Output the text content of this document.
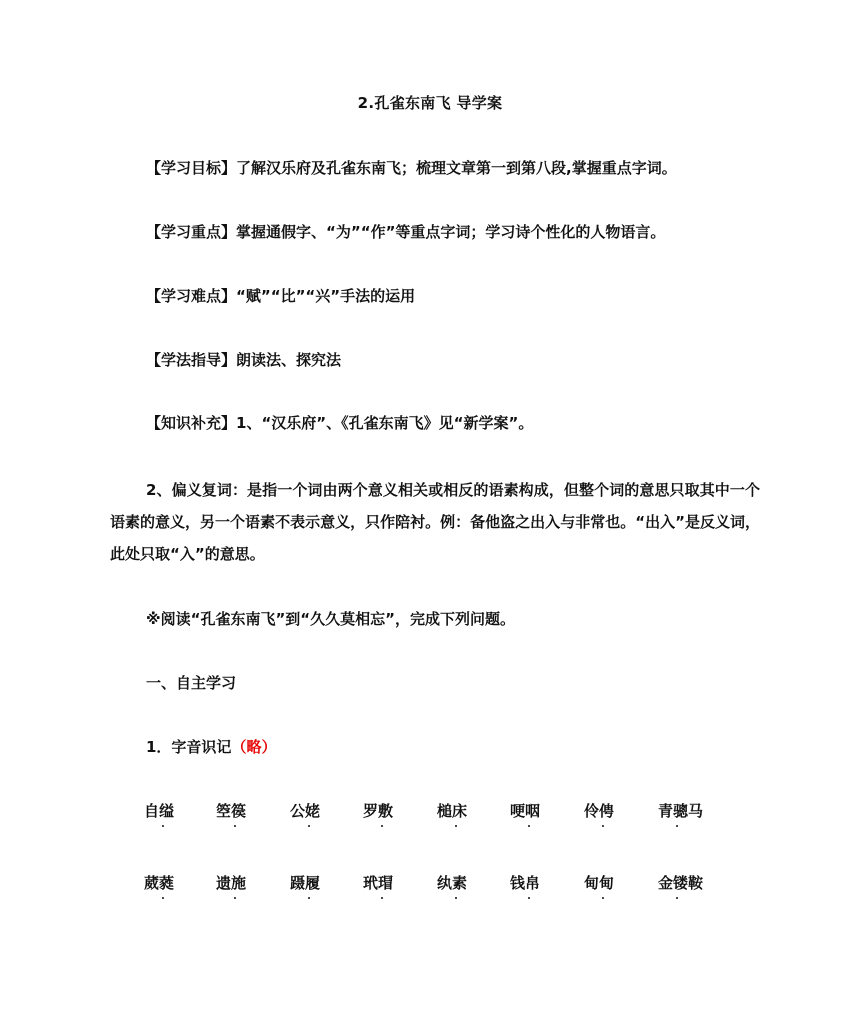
2.孔雀东南飞 导学案
【学习目标】了解汉乐府及孔雀东南飞；梳理文章第一到第八段,掌握重点字词。
【学习重点】掌握通假字、“为”“作”等重点字词；学习诗个性化的人物语言。
【学习难点】“赋”“比”“兴”手法的运用
【学法指导】朗读法、探究法
【知识补充】1、“汉乐府”、《孔雀东南飞》见“新学案”。
2、偏义复词：是指一个词由两个意义相关或相反的语素构成，但整个词的意思只取其中一个语素的意义，另一个语素不表示意义，只作陪衬。例：备他盗之出入与非常也。“出入”是反义词，此处只取“入”的意思。
※阅读“孔雀东南飞”到“久久莫相忘”，完成下列问题。
一、自主学习
1．字音识记（略）
自缢	箜篌	公姥	罗敷	槌床	哽咽	伶俜	青骢马
葳蕤	遗施	蹑履	玳瑁	纨素	钱帛	甸甸	金镂鞍
